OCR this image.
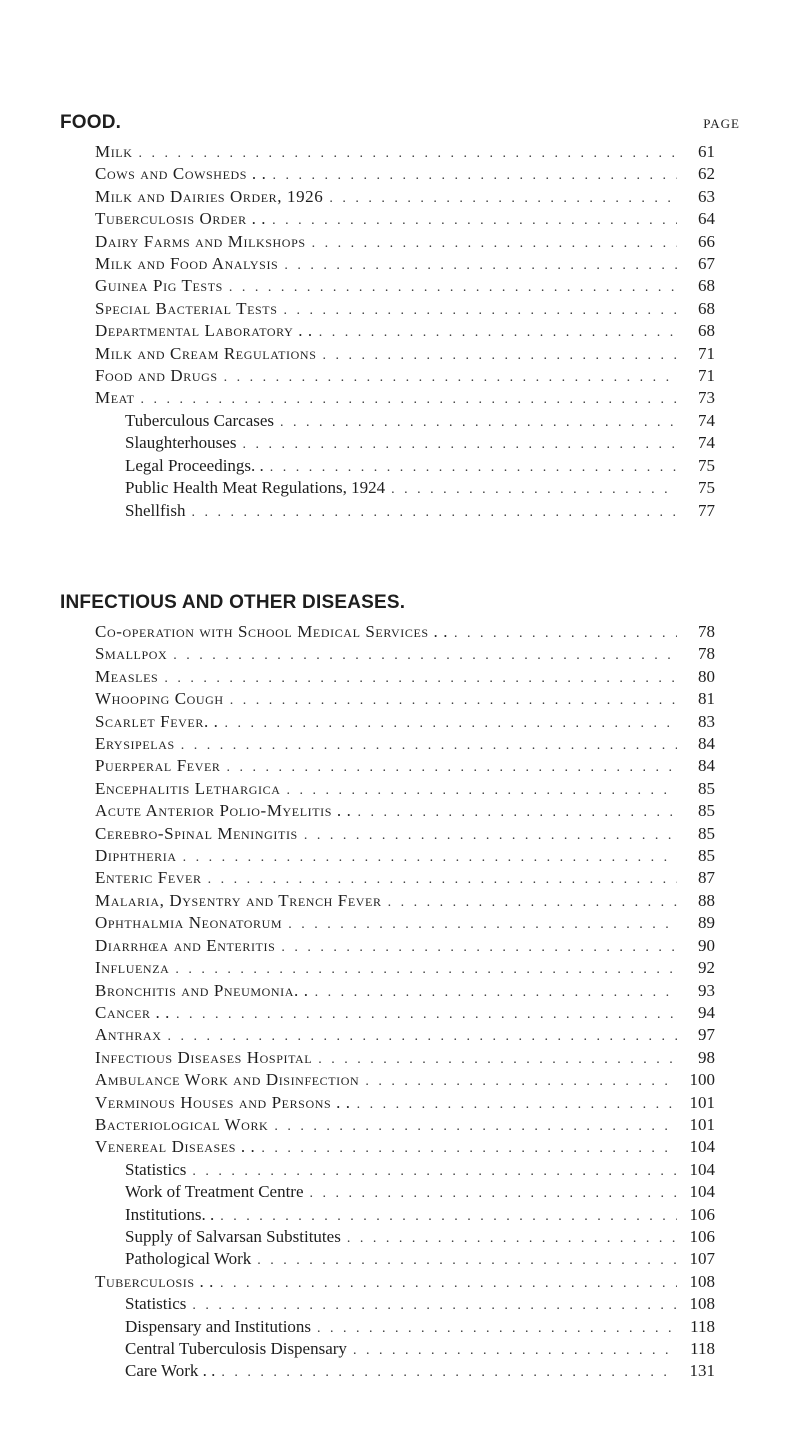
FOOD.	PAGE
Milk . . .	61
Cows and Cowsheds . . . . .	62
Milk and Dairies Order, 1926 . . .	63
Tuberculosis Order . . . . .	64
Dairy Farms and Milkshops . . .	66
Milk and Food Analysis . . .	67
Guinea Pig Tests . . .	68
Special Bacterial Tests . . .	68
Departmental Laboratory . . . . .	68
Milk and Cream Regulations . . .	71
Food and Drugs . . .	71
Meat . . .	73
Tuberculous Carcases . . .	74
Slaughterhouses . . .	74
Legal Proceedings. . . . .	75
Public Health Meat Regulations, 1924 . . .	75
Shellfish . . .	77
INFECTIOUS AND OTHER DISEASES.
Co-operation with School Medical Services . . . . .	78
Smallpox . . .	78
Measles . . .	80
Whooping Cough . . .	81
Scarlet Fever. . . . .	83
Erysipelas . . .	84
Puerperal Fever . . .	84
Encephalitis Lethargica . . .	85
Acute Anterior Polio-Myelitis . . . . .	85
Cerebro-Spinal Meningitis . . .	85
Diphtheria . . .	85
Enteric Fever . . .	87
Malaria, Dysentry and Trench Fever . . .	88
Ophthalmia Neonatorum . . .	89
Diarrhœa and Enteritis . . .	90
Influenza . . .	92
Bronchitis and Pneumonia. . . . .	93
Cancer . . . . .	94
Anthrax . . .	97
Infectious Diseases Hospital . . .	98
Ambulance Work and Disinfection . . .	100
Verminous Houses and Persons . . . . .	101
Bacteriological Work . . .	101
Venereal Diseases . . . . .	104
Statistics . . .	104
Work of Treatment Centre . . .	104
Institutions. . . . .	106
Supply of Salvarsan Substitutes . . .	106
Pathological Work . . .	107
Tuberculosis . . . . .	108
Statistics . . .	108
Dispensary and Institutions . . .	118
Central Tuberculosis Dispensary . . .	118
Care Work . . . . .	131
